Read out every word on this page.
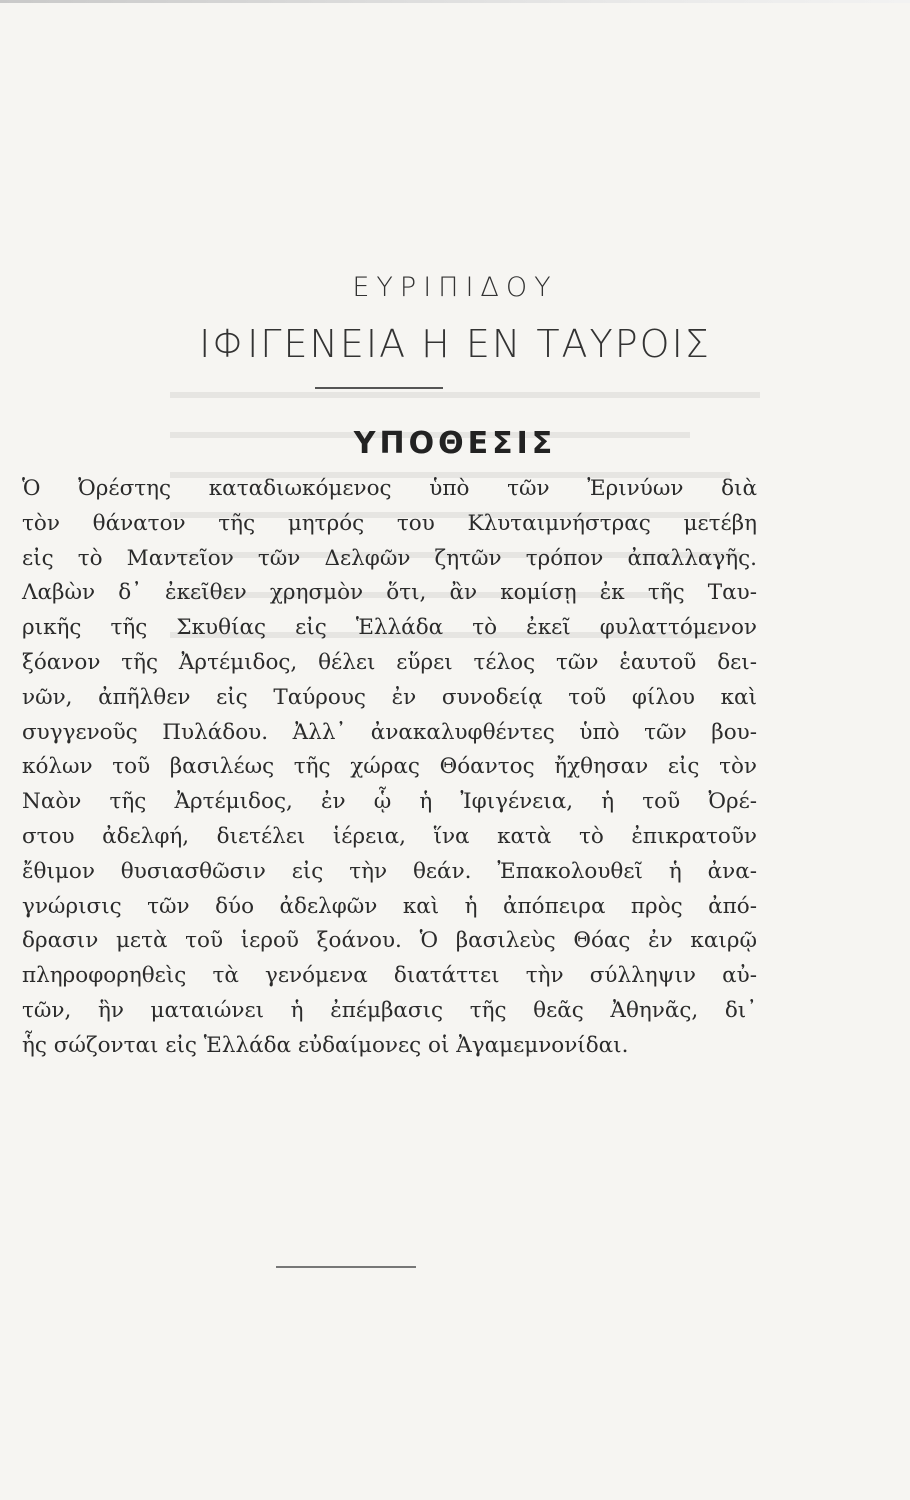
ΕΥΡΙΠΙΔΟΥ
ΙΦΙΓΕΝΕΙΑ Η ΕΝ ΤΑΥΡΟΙΣ
ΥΠΟΘΕΣΙΣ
Ὁ Ὀρέστης καταδιωκόμενος ὑπὸ τῶν Ἐρινύων διὰ
τὸν θάνατον τῆς μητρός του Κλυταιμνήστρας μετέβη
εἰς τὸ Μαντεῖον τῶν Δελφῶν ζητῶν τρόπον ἀπαλλαγῆς.
Λαβὼν δ᾽ ἐκεῖθεν χρησμὸν ὅτι, ἂν κομίσῃ ἐκ τῆς Ταυ-
ρικῆς τῆς Σκυθίας εἰς Ἑλλάδα τὸ ἐκεῖ φυλαττόμενον
ξόανον τῆς Ἀρτέμιδος, θέλει εὕρει τέλος τῶν ἑαυτοῦ δει-
νῶν, ἀπῆλθεν εἰς Ταύρους ἐν συνοδείᾳ τοῦ φίλου καὶ
συγγενοῦς Πυλάδου. Ἀλλ᾽ ἀνακαλυφθέντες ὑπὸ τῶν βου-
κόλων τοῦ βασιλέως τῆς χώρας Θόαντος ἤχθησαν εἰς τὸν
Ναὸν τῆς Ἀρτέμιδος, ἐν ᾧ ἡ Ἰφιγένεια, ἡ τοῦ Ὀρέ-
στου ἀδελφή, διετέλει ἱέρεια, ἵνα κατὰ τὸ ἐπικρατοῦν
ἔθιμον θυσιασθῶσιν εἰς τὴν θεάν. Ἐπακολουθεῖ ἡ ἀνα-
γνώρισις τῶν δύο ἀδελφῶν καὶ ἡ ἀπόπειρα πρὸς ἀπό-
δρασιν μετὰ τοῦ ἱεροῦ ξοάνου. Ὁ βασιλεὺς Θόας ἐν καιρῷ
πληροφορηθεὶς τὰ γενόμενα διατάττει τὴν σύλληψιν αὐ-
τῶν, ἣν ματαιώνει ἡ ἐπέμβασις τῆς θεᾶς Ἀθηνᾶς, δι᾽
ἧς σώζονται εἰς Ἑλλάδα εὐδαίμονες οἱ Ἀγαμεμνονίδαι.
